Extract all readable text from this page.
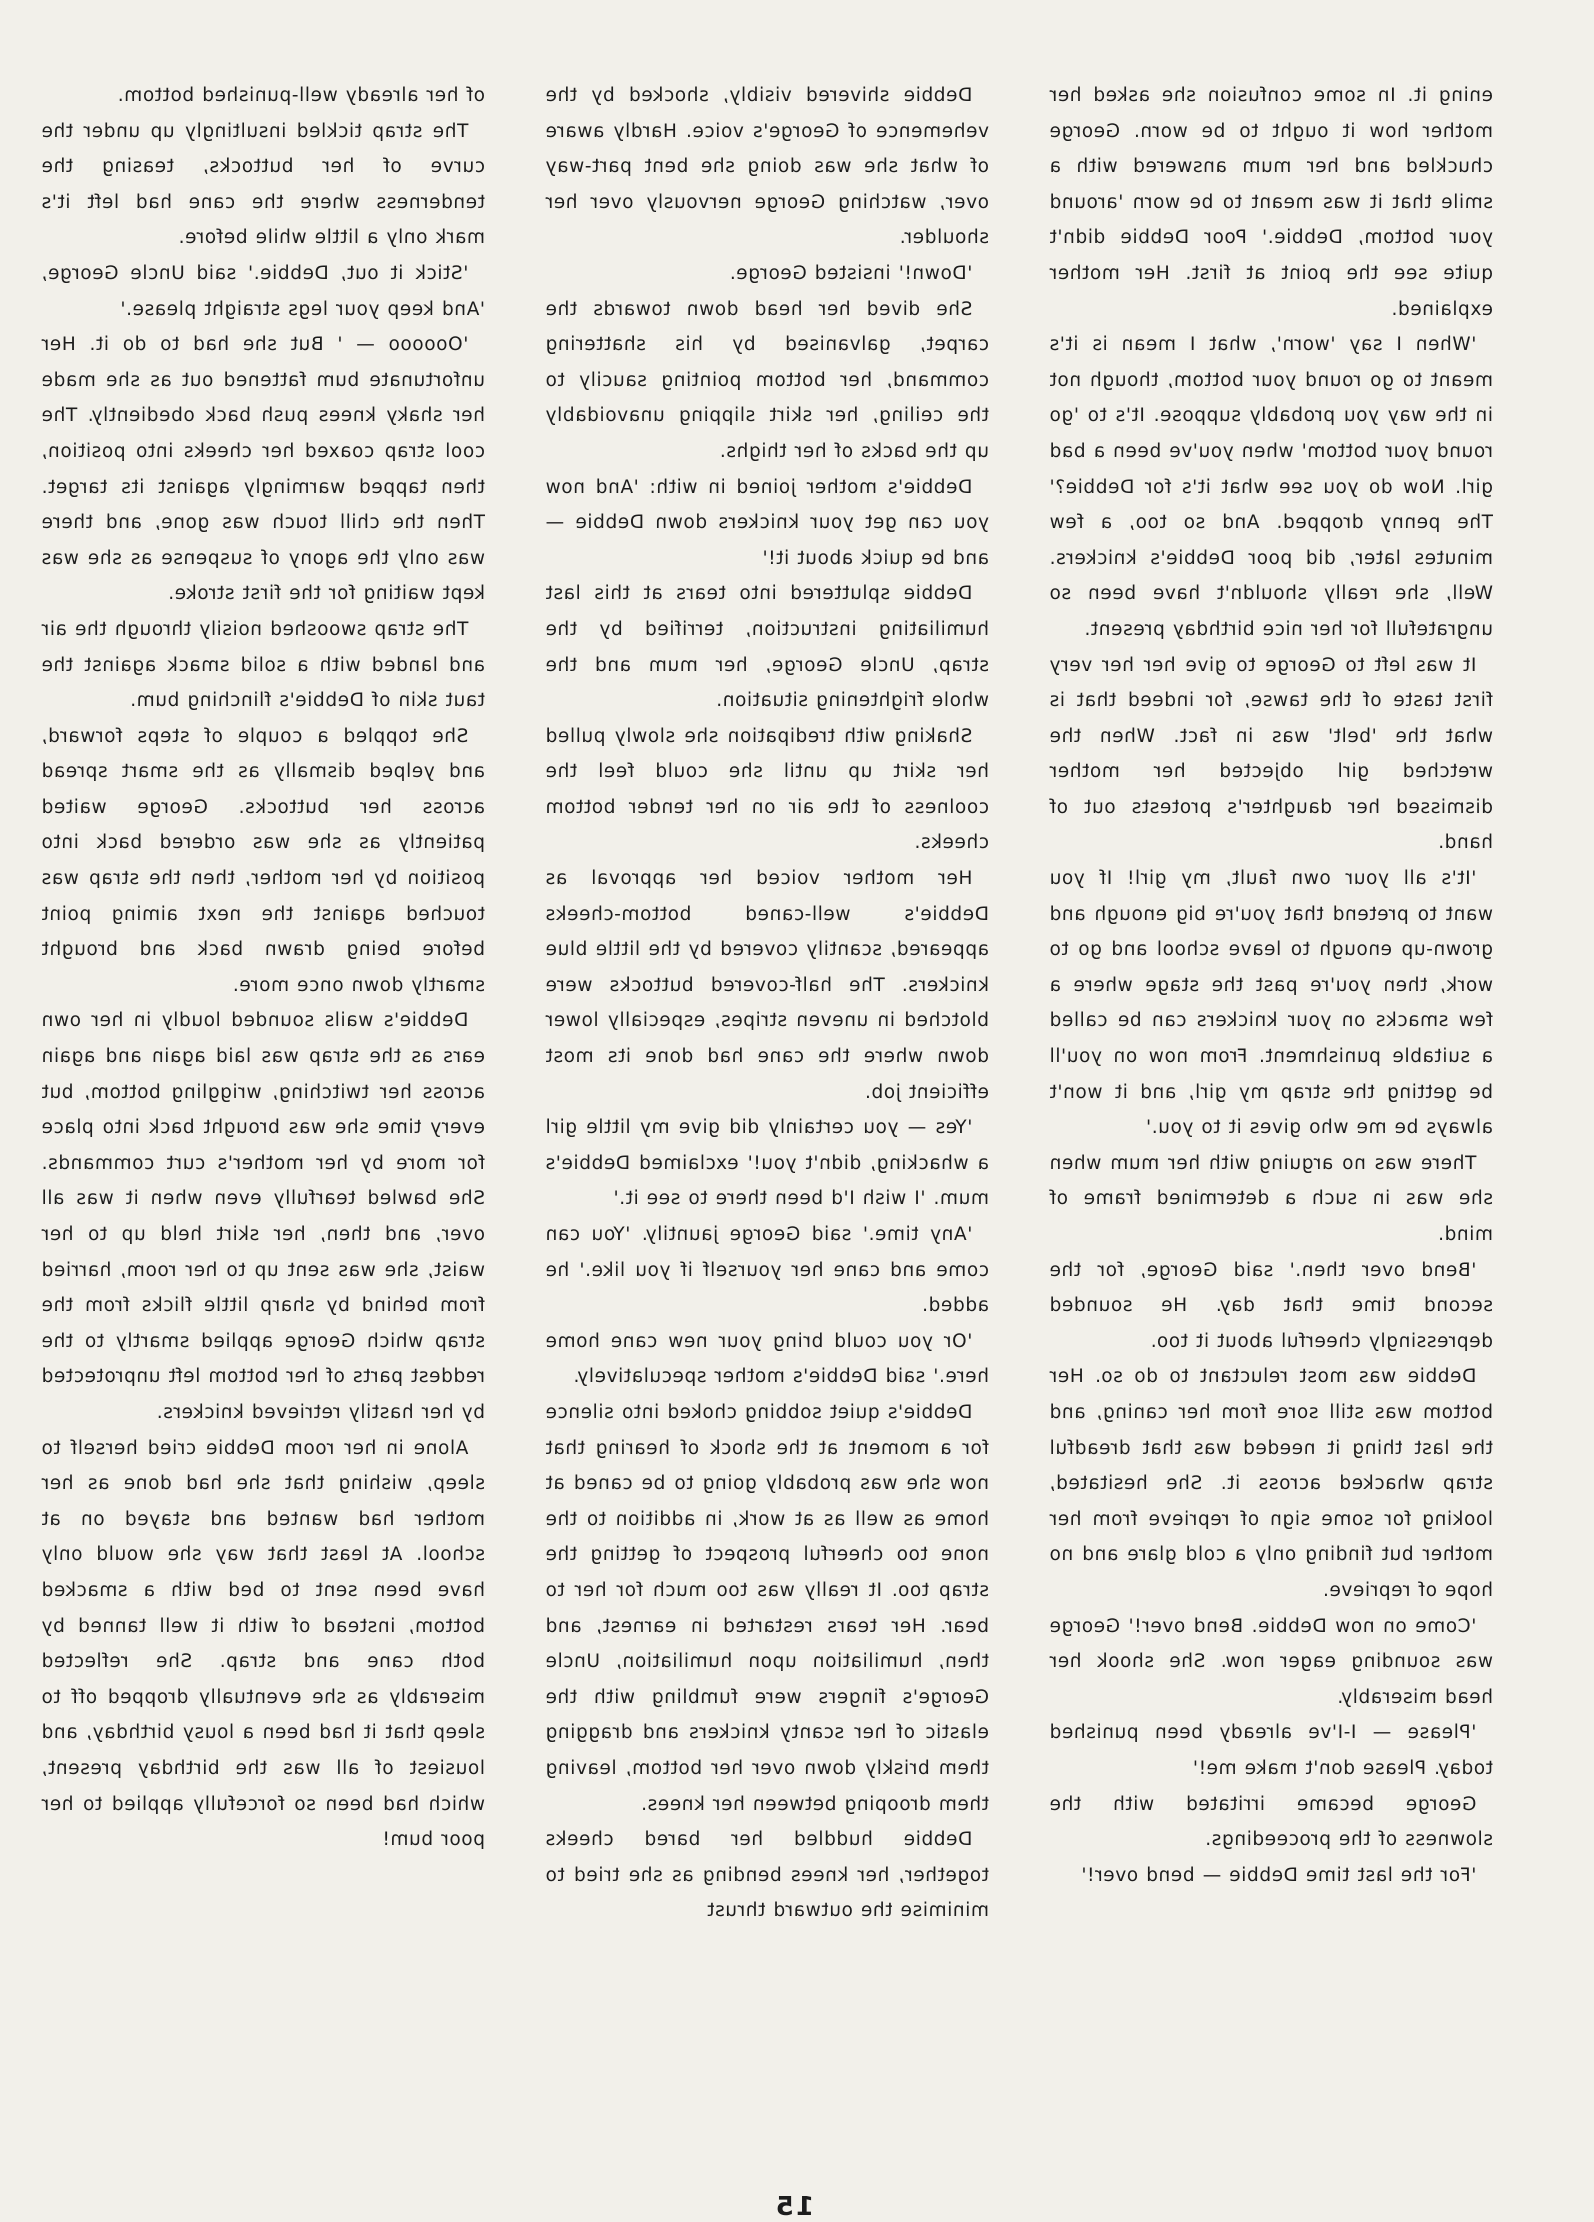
ening it. In some confusion she asked her mother how it ought to be worn. George chuckled and her mum answered with a smile that it was meant to be worn 'around your bottom, Debbie.' Poor Debbie didn't quite see the point at first. Her mother explained.

'When I say 'worn', what I mean is it's meant to go round your bottom, though not in the way you probably suppose. It's to 'go round your bottom' when you've been a bad girl. Now do you see what it's for Debbie?' The penny dropped. And so too, a few minutes later, did poor Debbie's knickers. Well, she really shouldn't have been so ungratefull for her nice birthday present.

It was left to George to give her her very first taste of the tawse, for indeed that is what the 'belt' was in fact. When the wretched girl objected her mother dismissed her daughter's protests out of hand.

'It's all your own fault, my girl! If you want to pretend that you're big enough and grown-up enough to leave school and go to work, then you're past the stage where a few smacks on your knickers can be called a suitable punishment. From now on you'll be getting the strap my girl, and it won't always be me who gives it to you.'

There was no arguing with her mum when she was in such a determined frame of mind.

'Bend over then.' said George, for the second time that day. He sounded depressingly cheerful about it too.

Debbie was most reluctant to do so. Her bottom was still sore from her caning, and the last thing it needed was that dreadful strap whacked across it. She hesitated, looking for some sign of reprieve from her mother but finding only a cold glare and no hope of reprieve.

'Come on now Debbie. Bend over!' George was sounding eager now. She shook her head miserably.

'Please — I-I've already been punished today. Please don't make me!'

George became irritated with the slowness of the proceedings.

'For the last time Debbie — bend over!'

Debbie shivered visibly, shocked by the vehemence of George's voice. Hardly aware of what she was doing she bent part-way over, watching George nervously over her shoulder.

'Down!' insisted George.

She dived her head down towards the carpet, galvanised by his shattering command, her bottom pointing saucily to the ceiling, her skirt slipping unavoidably up the backs of her thighs.

Debbie's mother joined in with: 'And now you can get your knickers down Debbie — and be quick about it!'

Debbie spluttered into tears at this last humiliating instruction, terrified by the strap, Uncle George, her mum and the whole frightening situation.

Shaking with tredipation she slowly pulled her skirt up until she could feel the coolness of the air on her tender bottom cheeks.

Her mother voiced her approval as Debbie's well-caned bottom-cheeks appeared, scantily covered by the little blue knickers. The half-covered buttocks were blotched in uneven stripes, especially lower down where the cane had done its most efficient job.

'Yes — you certainly did give my little girl a whacking, didn't you!' exclaimed Debbie's mum. 'I wish I'd been there to see it.'

'Any time.' said George jauntily. 'You can come and cane her yourself if you like.' he added.

'Or you could bring your new cane home here.' said Debbie's mother speculatively.

Debbie's quiet sobbing choked into silence for a moment at the shock of hearing that now she was probably going to be caned at home as well as at work, in addition to the none too cheerful prospect of getting the strap too. It really was too much for her to bear. Her tears restarted in earnest, and then, humiliation upon humiliation, Uncle George's fingers were fumbling with the elastic of her scanty knickers and dragging them briskly down over her bottom, leaving them drooping between her knees.

Debbie huddled her bared cheeks together, her knees bending as she tried to minimise the outward thrust

of her already well-punished bottom.

The strap tickled insultingly up under the curve of her buttocks, teasing the tenderness where the cane had left it's mark only a little while before.

'Stick it out, Debbie.' said Uncle George, 'And keep your legs straight please.'

'Oooooo — ' But she had to do it. Her unfortunate bum fattened out as she made her shaky knees push back obediently. The cool strap coaxed her cheeks into position, then tapped warmingly against its target. Then the chill touch was gone, and there was only the agony of suspense as she was kept waiting for the first stroke.

The strap swooshed noisily through the air and landed with a solid smack against the taut skin of Debbie's flinching bum.

She toppled a couple of steps forward, and yelped dismally as the smart spread across her buttocks. George waited patiently as she was ordered back into position by her mother, then the strap was touched against the next aiming point before being drawn back and brought smartly down once more.

Debbie's wails sounded loudly in her own ears as the strap was laid again and again across her twitching, wriggling bottom, but every time she was brought back into place for more by her mother's curt commands. She bawled tearfully even when it was all over, and then, her skirt held up to her waist, she was sent up to her room, harried from behind by sharp little flicks from the strap which George applied smartly to the reddest parts of her bottom left unprotected by her hastily retrieved knickers.

Alone in her room Debbie cried herself to sleep, wishing that she had done as her mother had wanted and stayed on at school. At least that way she would only have been sent to bed with a smacked bottom, instead of with it well tanned by both cane and strap. She reflected miserably as she eventually dropped off to sleep that it had been a lousy birthday, and lousiest of all was the birthday present, which had been so forcefully applied to her poor bum!

15
